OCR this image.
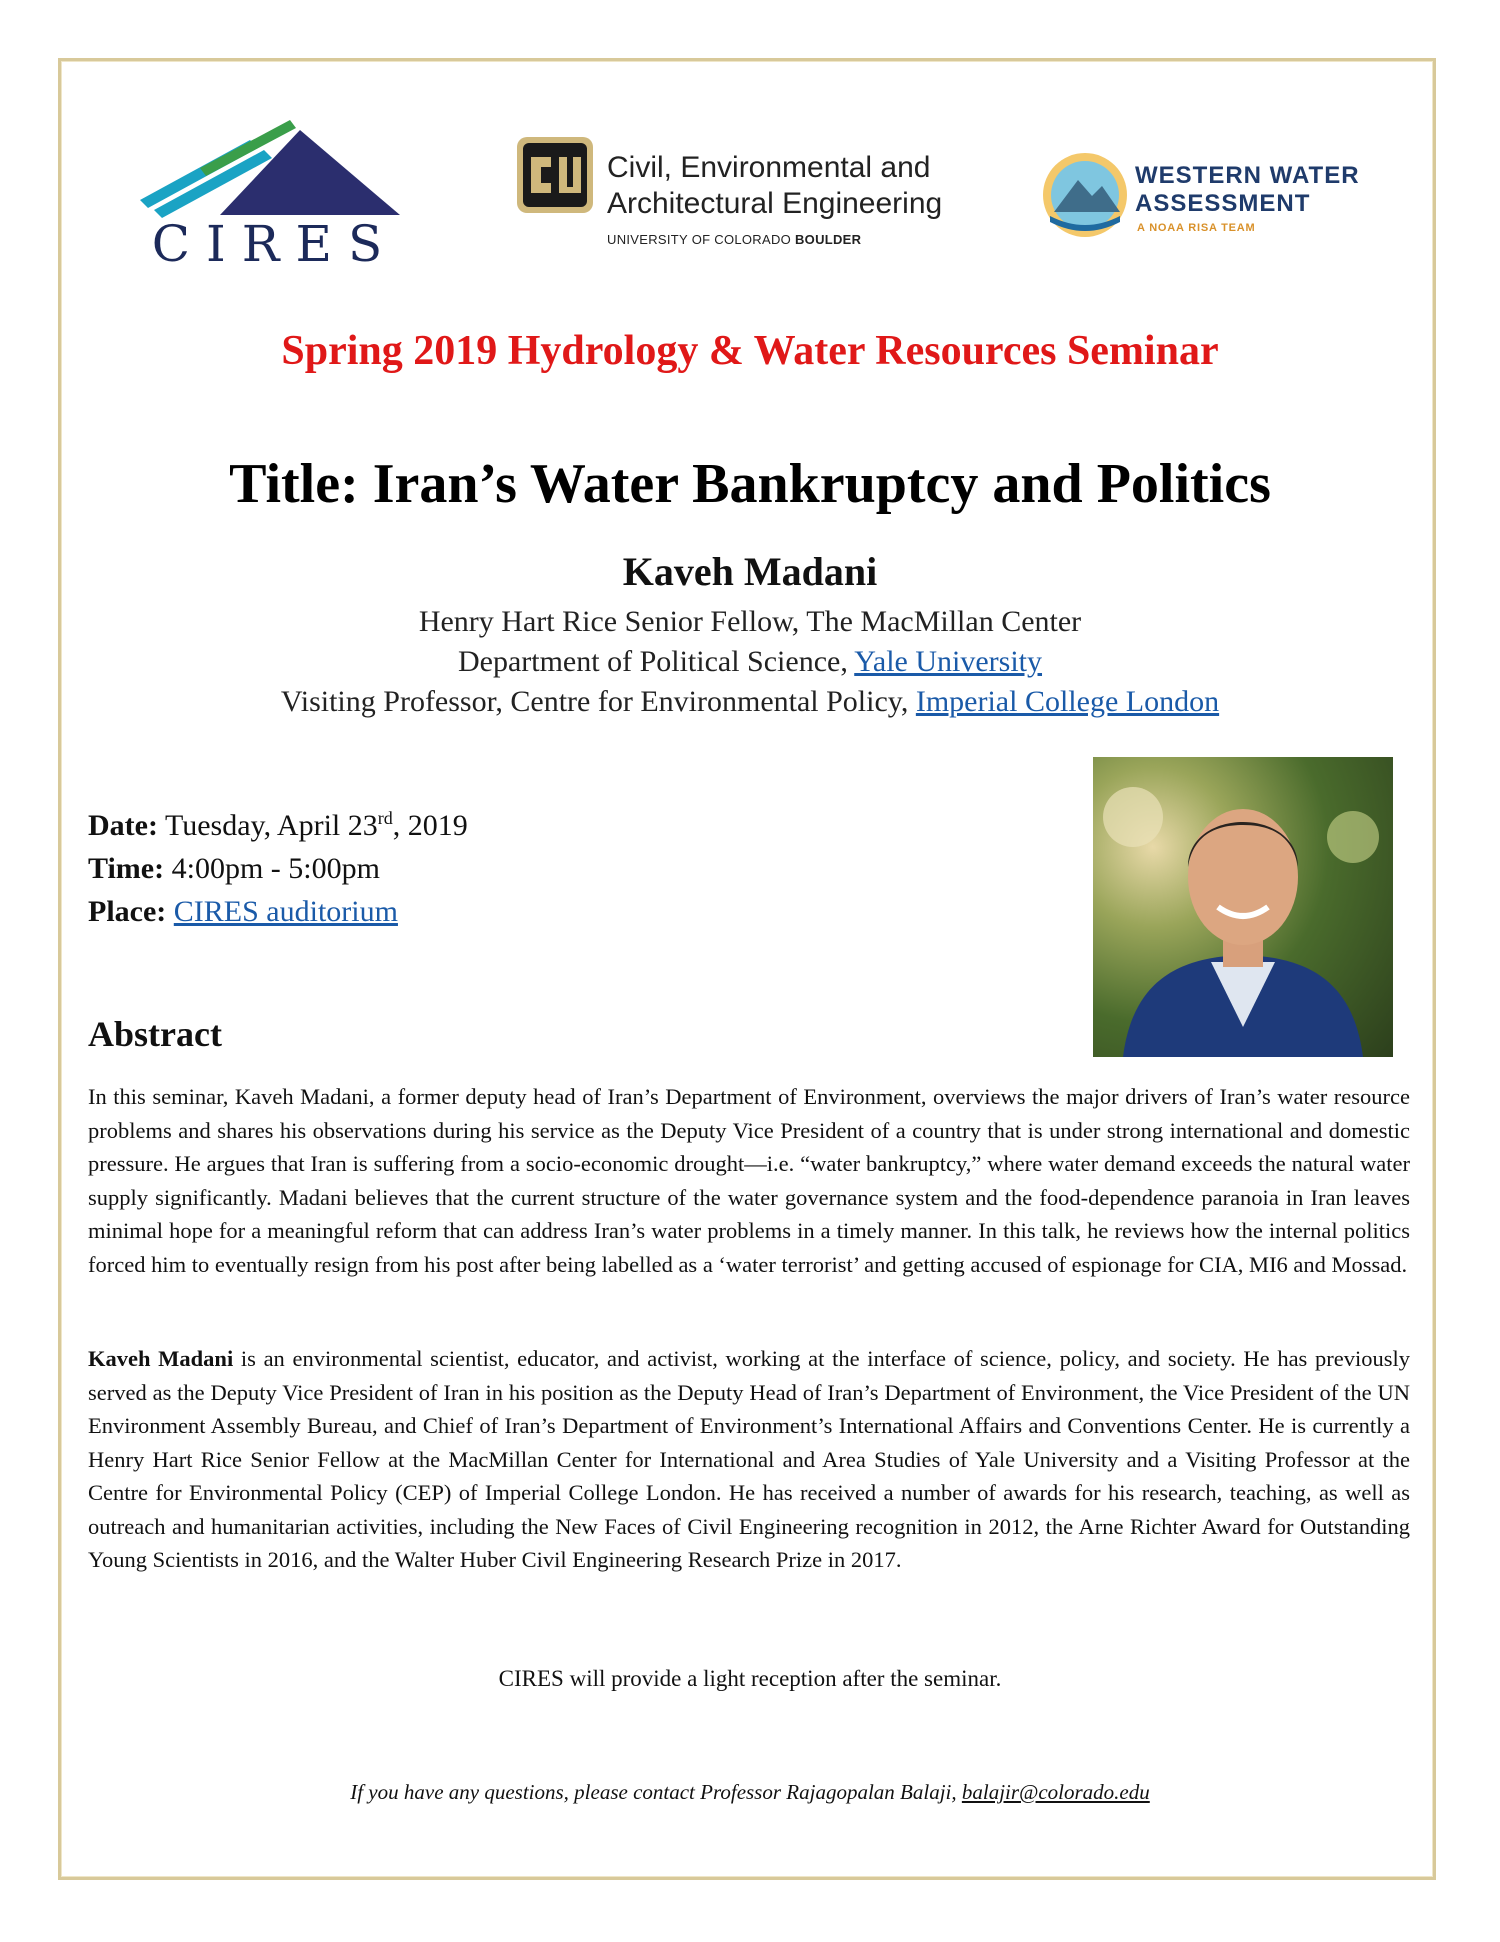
CIRES
Civil, Environmental and
Architectural Engineering
UNIVERSITY OF COLORADO BOULDER
WESTERN WATER
ASSESSMENT
A NOAA RISA TEAM
Spring 2019 Hydrology & Water Resources Seminar
Title: Iran’s Water Bankruptcy and Politics
Kaveh Madani
Henry Hart Rice Senior Fellow, The MacMillan Center
Department of Political Science, Yale University
Visiting Professor, Centre for Environmental Policy, Imperial College London
Date: Tuesday, April 23rd, 2019
Time: 4:00pm - 5:00pm
Place: CIRES auditorium
Abstract
In this seminar, Kaveh Madani, a former deputy head of Iran’s Department of Environment, overviews the major drivers of Iran’s water resource problems and shares his observations during his service as the Deputy Vice President of a country that is under strong international and domestic pressure. He argues that Iran is suffering from a socio-economic drought—i.e. “water bankruptcy,” where water demand exceeds the natural water supply significantly. Madani believes that the current structure of the water governance system and the food-dependence paranoia in Iran leaves minimal hope for a meaningful reform that can address Iran’s water problems in a timely manner. In this talk, he reviews how the internal politics forced him to eventually resign from his post after being labelled as a ‘water terrorist’ and getting accused of espionage for CIA, MI6 and Mossad.
Kaveh Madani is an environmental scientist, educator, and activist, working at the interface of science, policy, and society. He has previously served as the Deputy Vice President of Iran in his position as the Deputy Head of Iran’s Department of Environment, the Vice President of the UN Environment Assembly Bureau, and Chief of Iran’s Department of Environment’s International Affairs and Conventions Center. He is currently a Henry Hart Rice Senior Fellow at the MacMillan Center for International and Area Studies of Yale University and a Visiting Professor at the Centre for Environmental Policy (CEP) of Imperial College London. He has received a number of awards for his research, teaching, as well as outreach and humanitarian activities, including the New Faces of Civil Engineering recognition in 2012, the Arne Richter Award for Outstanding Young Scientists in 2016, and the Walter Huber Civil Engineering Research Prize in 2017.
CIRES will provide a light reception after the seminar.
If you have any questions, please contact Professor Rajagopalan Balaji, balajir@colorado.edu
